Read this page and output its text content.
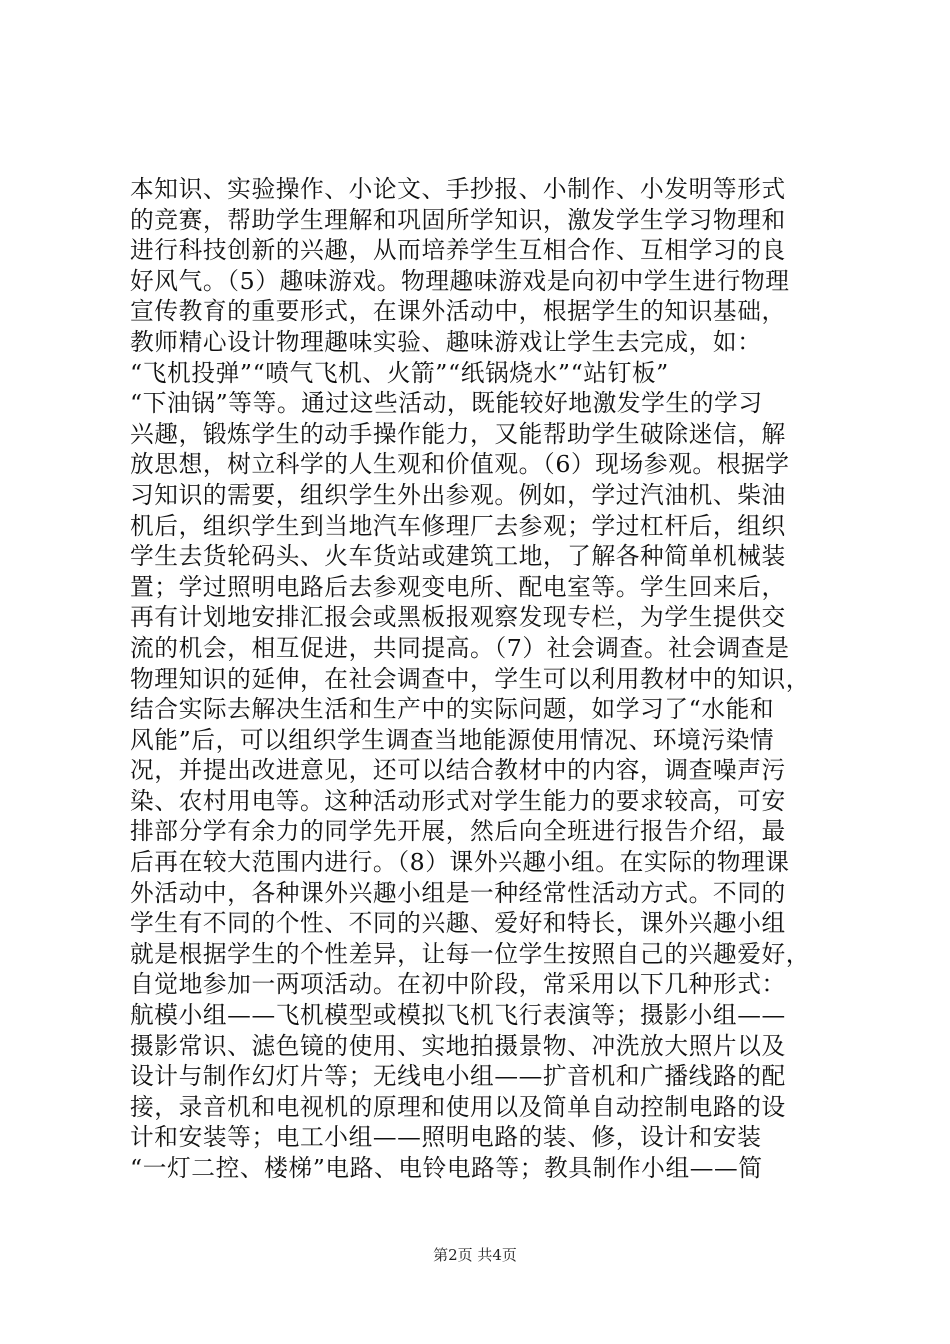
本知识、实验操作、小论文、手抄报、小制作、小发明等形式
的竞赛，帮助学生理解和巩固所学知识，激发学生学习物理和
进行科技创新的兴趣，从而培养学生互相合作、互相学习的良
好风气。（5）趣味游戏。物理趣味游戏是向初中学生进行物理
宣传教育的重要形式，在课外活动中，根据学生的知识基础，
教师精心设计物理趣味实验、趣味游戏让学生去完成，如：
“飞机投弹”“喷气飞机、火箭”“纸锅烧水”“站钉板”
“下油锅”等等。通过这些活动，既能较好地激发学生的学习
兴趣，锻炼学生的动手操作能力，又能帮助学生破除迷信，解
放思想，树立科学的人生观和价值观。（6）现场参观。根据学
习知识的需要，组织学生外出参观。例如，学过汽油机、柴油
机后，组织学生到当地汽车修理厂去参观；学过杠杆后，组织
学生去货轮码头、火车货站或建筑工地，了解各种简单机械装
置；学过照明电路后去参观变电所、配电室等。学生回来后，
再有计划地安排汇报会或黑板报观察发现专栏，为学生提供交
流的机会，相互促进，共同提高。（7）社会调查。社会调查是
物理知识的延伸，在社会调查中，学生可以利用教材中的知识，
结合实际去解决生活和生产中的实际问题，如学习了“水能和
风能”后，可以组织学生调查当地能源使用情况、环境污染情
况，并提出改进意见，还可以结合教材中的内容，调查噪声污
染、农村用电等。这种活动形式对学生能力的要求较高，可安
排部分学有余力的同学先开展，然后向全班进行报告介绍，最
后再在较大范围内进行。（8）课外兴趣小组。在实际的物理课
外活动中，各种课外兴趣小组是一种经常性活动方式。不同的
学生有不同的个性、不同的兴趣、爱好和特长，课外兴趣小组
就是根据学生的个性差异，让每一位学生按照自己的兴趣爱好，
自觉地参加一两项活动。在初中阶段，常采用以下几种形式：
航模小组——飞机模型或模拟飞机飞行表演等；摄影小组——
摄影常识、滤色镜的使用、实地拍摄景物、冲洗放大照片以及
设计与制作幻灯片等；无线电小组——扩音机和广播线路的配
接，录音机和电视机的原理和使用以及简单自动控制电路的设
计和安装等；电工小组——照明电路的装、修，设计和安装
“一灯二控、楼梯”电路、电铃电路等；教具制作小组——简
第2页 共4页
